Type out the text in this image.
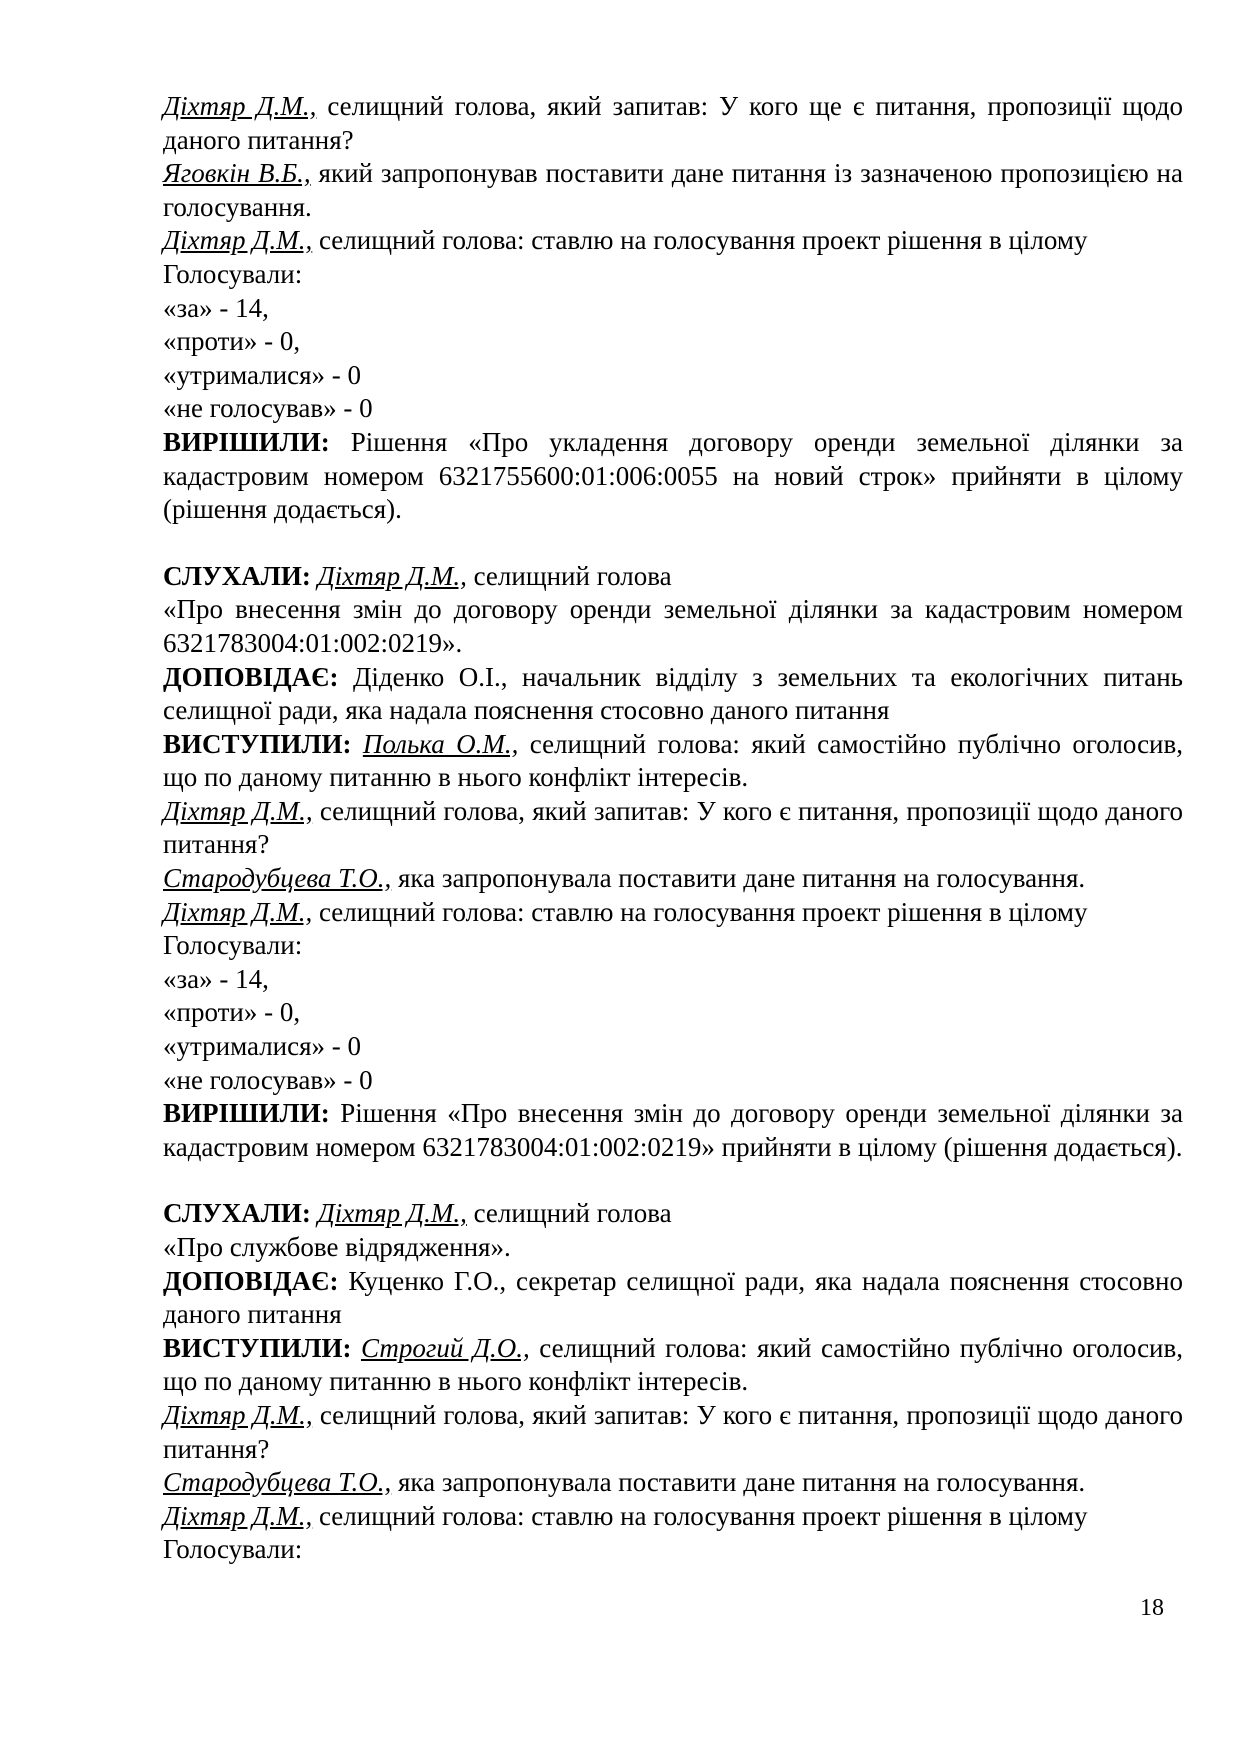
Діхтяр Д.М., селищний голова, який запитав: У кого ще є питання, пропозиції щодо даного питання?

Яговкін В.Б., який запропонував поставити дане питання із зазначеною пропозицією на голосування.

Діхтяр Д.М., селищний голова: ставлю на голосування проект рішення в цілому

Голосували:

«за» - 14,

«проти» - 0,

«утрималися» - 0

«не голосував» - 0

ВИРІШИЛИ: Рішення «Про укладення договору оренди земельної ділянки за кадастровим номером 6321755600:01:006:0055 на новий строк» прийняти в цілому (рішення додається).

СЛУХАЛИ: Діхтяр Д.М., селищний голова

«Про внесення змін до договору оренди земельної ділянки за кадастровим номером 6321783004:01:002:0219».

ДОПОВІДАЄ: Діденко О.І., начальник відділу з земельних та екологічних питань селищної ради, яка надала пояснення стосовно даного питання

ВИСТУПИЛИ: Полька О.М., селищний голова: який самостійно публічно оголосив, що по даному питанню в нього конфлікт інтересів.

Діхтяр Д.М., селищний голова, який запитав: У кого є питання, пропозиції щодо даного питання?

Стародубцева Т.О., яка запропонувала поставити дане питання на голосування.

Діхтяр Д.М., селищний голова: ставлю на голосування проект рішення в цілому

Голосували:

«за» - 14,

«проти» - 0,

«утрималися» - 0

«не голосував» - 0

ВИРІШИЛИ: Рішення «Про внесення змін до договору оренди земельної ділянки за кадастровим номером 6321783004:01:002:0219» прийняти в цілому (рішення додається).

СЛУХАЛИ: Діхтяр Д.М., селищний голова

«Про службове відрядження».

ДОПОВІДАЄ: Куценко Г.О., секретар селищної ради, яка надала пояснення стосовно даного питання

ВИСТУПИЛИ: Строгий Д.О., селищний голова: який самостійно публічно оголосив, що по даному питанню в нього конфлікт інтересів.

Діхтяр Д.М., селищний голова, який запитав: У кого є питання, пропозиції щодо даного питання?

Стародубцева Т.О., яка запропонувала поставити дане питання на голосування.

Діхтяр Д.М., селищний голова: ставлю на голосування проект рішення в цілому

Голосували:

18
